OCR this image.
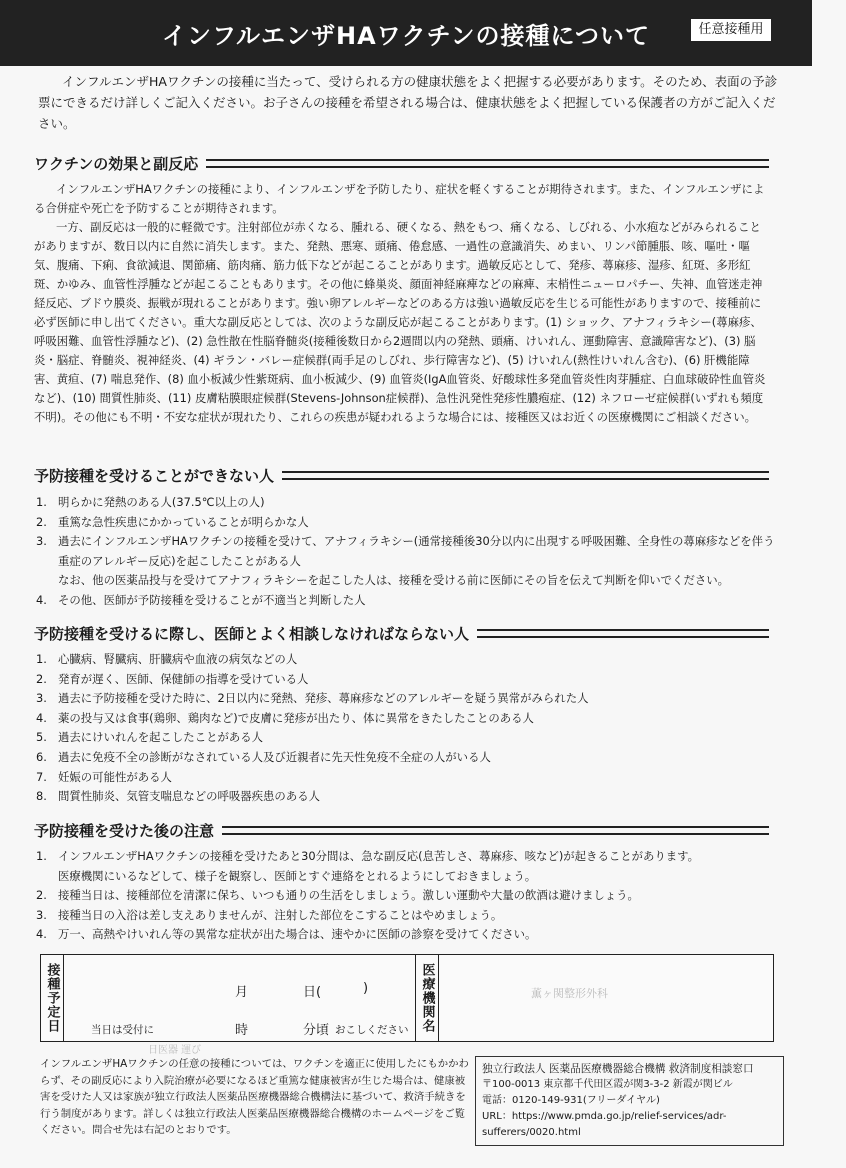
インフルエンザHAワクチンの接種について	任意接種用
インフルエンザHAワクチンの接種に当たって、受けられる方の健康状態をよく把握する必要があります。そのため、表面の予診票にできるだけ詳しくご記入ください。お子さんの接種を希望される場合は、健康状態をよく把握している保護者の方がご記入ください。
ワクチンの効果と副反応

インフルエンザHAワクチンの接種により、インフルエンザを予防したり、症状を軽くすることが期待されます。また、インフルエンザによる合併症や死亡を予防することが期待されます。

一方、副反応は一般的に軽微です。注射部位が赤くなる、腫れる、硬くなる、熱をもつ、痛くなる、しびれる、小水疱などがみられることがありますが、数日以内に自然に消失します。また、発熱、悪寒、頭痛、倦怠感、一過性の意識消失、めまい、リンパ節腫脹、咳、嘔吐・嘔気、腹痛、下痢、食欲減退、関節痛、筋肉痛、筋力低下などが起こることがあります。過敏反応として、発疹、蕁麻疹、湿疹、紅斑、多形紅斑、かゆみ、血管性浮腫などが起こることもあります。その他に蜂巣炎、顔面神経麻痺などの麻痺、末梢性ニューロパチー、失神、血管迷走神経反応、ブドウ膜炎、振戦が現れることがあります。強い卵アレルギーなどのある方は強い過敏反応を生じる可能性がありますので、接種前に必ず医師に申し出てください。重大な副反応としては、次のような副反応が起こることがあります。(1) ショック、アナフィラキシー(蕁麻疹、呼吸困難、血管性浮腫など)、(2) 急性散在性脳脊髄炎(接種後数日から2週間以内の発熱、頭痛、けいれん、運動障害、意識障害など)、(3) 脳炎・脳症、脊髄炎、視神経炎、(4) ギラン・バレー症候群(両手足のしびれ、歩行障害など)、(5) けいれん(熱性けいれん含む)、(6) 肝機能障害、黄疸、(7) 喘息発作、(8) 血小板減少性紫斑病、血小板減少、(9) 血管炎(IgA血管炎、好酸球性多発血管炎性肉芽腫症、白血球破砕性血管炎など)、(10) 間質性肺炎、(11) 皮膚粘膜眼症候群(Stevens-Johnson症候群)、急性汎発性発疹性膿疱症、(12) ネフローゼ症候群(いずれも頻度不明)。その他にも不明・不安な症状が現れたり、これらの疾患が疑われるような場合には、接種医又はお近くの医療機関にご相談ください。

予防接種を受けることができない人
1. 明らかに発熱のある人(37.5℃以上の人)
2. 重篤な急性疾患にかかっていることが明らかな人
3. 過去にインフルエンザHAワクチンの接種を受けて、アナフィラキシー(通常接種後30分以内に出現する呼吸困難、全身性の蕁麻疹などを伴う重症のアレルギー反応)を起こしたことがある人
なお、他の医薬品投与を受けてアナフィラキシーを起こした人は、接種を受ける前に医師にその旨を伝えて判断を仰いでください。
4. その他、医師が予防接種を受けることが不適当と判断した人
予防接種を受けるに際し、医師とよく相談しなければならない人
1. 心臓病、腎臓病、肝臓病や血液の病気などの人
2. 発育が遅く、医師、保健師の指導を受けている人
3. 過去に予防接種を受けた時に、2日以内に発熱、発疹、蕁麻疹などのアレルギーを疑う異常がみられた人
4. 薬の投与又は食事(鶏卵、鶏肉など)で皮膚に発疹が出たり、体に異常をきたしたことのある人
5. 過去にけいれんを起こしたことがある人
6. 過去に免疫不全の診断がなされている人及び近親者に先天性免疫不全症の人がいる人
7. 妊娠の可能性がある人
8. 間質性肺炎、気管支喘息などの呼吸器疾患のある人
予防接種を受けた後の注意
1. インフルエンザHAワクチンの接種を受けたあと30分間は、急な副反応(息苦しさ、蕁麻疹、咳など)が起きることがあります。
医療機関にいるなどして、様子を観察し、医師とすぐ連絡をとれるようにしておきましょう。
2. 接種当日は、接種部位を清潔に保ち、いつも通りの生活をしましょう。激しい運動や大量の飲酒は避けましょう。
3. 接種当日の入浴は差し支えありませんが、注射した部位をこすることはやめましょう。
4. 万一、高熱やけいれん等の異常な症状が出た場合は、速やかに医師の診察を受けてください。
接種予定日	月	日(	)
当日は受付に	時	分頃 おこしください 医療機関名	薫ヶ関整形外科
日医器 運び
インフルエンザHAワクチンの任意の接種については、ワクチンを適正に使用したにもかかわらず、その副反応により入院治療が必要になるほど重篤な健康被害が生じた場合は、健康被害を受けた人又は家族が独立行政法人医薬品医療機器総合機構法に基づいて、救済手続きを行う制度があります。詳しくは独立行政法人医薬品医療機器総合機構のホームページをご覧ください。問合せ先は右記のとおりです。
独立行政法人 医薬品医療機器総合機構 救済制度相談窓口
〒100-0013 東京都千代田区霞が関3-3-2 新霞が関ビル
電話：0120-149-931(フリーダイヤル)
URL：https://www.pmda.go.jp/relief-services/adr-sufferers/0020.html
